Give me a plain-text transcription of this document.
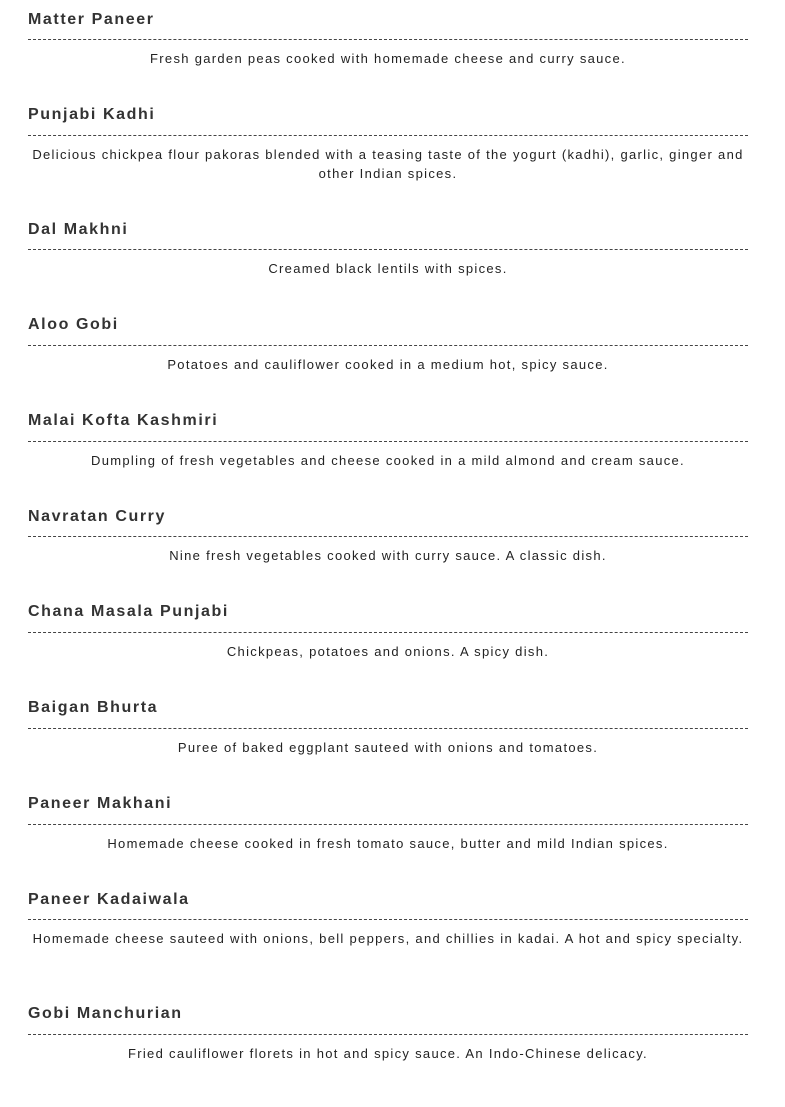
Matter Paneer
Fresh garden peas cooked with homemade cheese and curry sauce.
Punjabi Kadhi
Delicious chickpea flour pakoras blended with a teasing taste of the yogurt (kadhi), garlic, ginger and other Indian spices.
Dal Makhni
Creamed black lentils with spices.
Aloo Gobi
Potatoes and cauliflower cooked in a medium hot, spicy sauce.
Malai Kofta Kashmiri
Dumpling of fresh vegetables and cheese cooked in a mild almond and cream sauce.
Navratan Curry
Nine fresh vegetables cooked with curry sauce. A classic dish.
Chana Masala Punjabi
Chickpeas, potatoes and onions. A spicy dish.
Baigan Bhurta
Puree of baked eggplant sauteed with onions and tomatoes.
Paneer Makhani
Homemade cheese cooked in fresh tomato sauce, butter and mild Indian spices.
Paneer Kadaiwala
Homemade cheese sauteed with onions, bell peppers, and chillies in kadai. A hot and spicy specialty.
Gobi Manchurian
Fried cauliflower florets in hot and spicy sauce. An Indo-Chinese delicacy.
